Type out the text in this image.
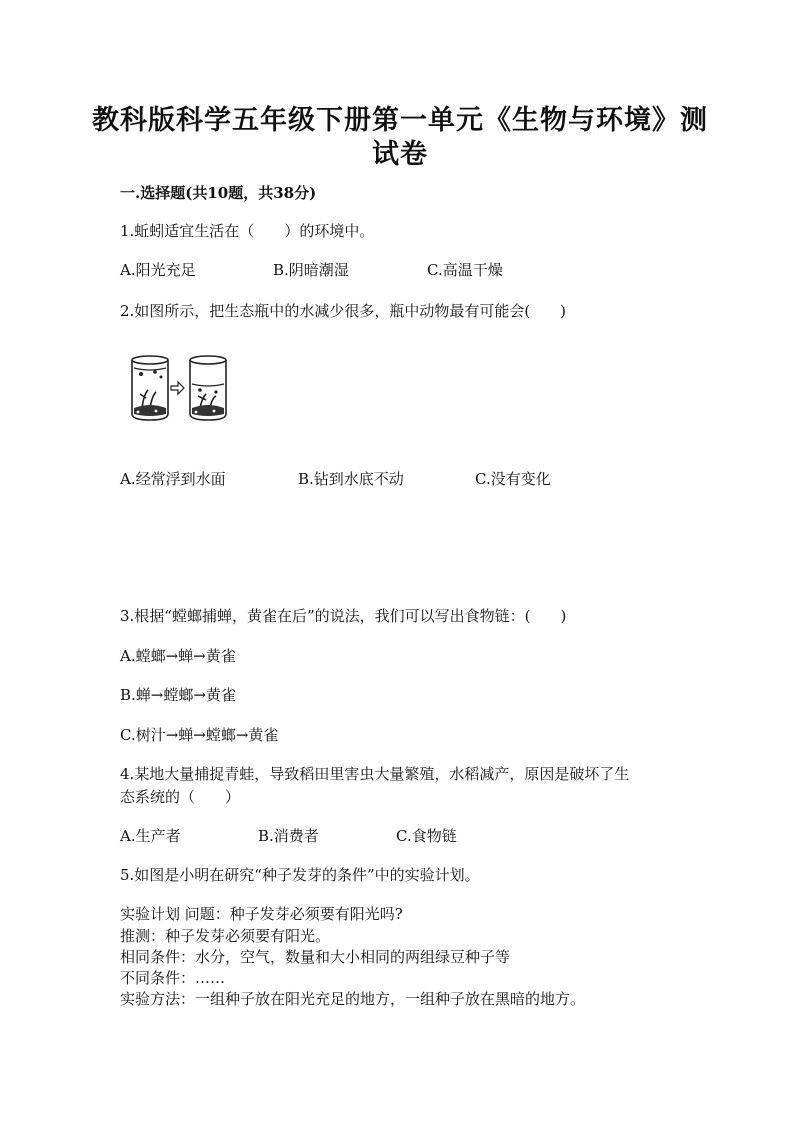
教科版科学五年级下册第一单元《生物与环境》测
试卷
一.选择题(共10题，共38分)
1.蚯蚓适宜生活在（　　）的环境中。
A.阳光充足	B.阴暗潮湿	C.高温干燥
2.如图所示，把生态瓶中的水减少很多，瓶中动物最有可能会(　　)
A.经常浮到水面	B.钻到水底不动	C.没有变化
3.根据“螳螂捕蝉，黄雀在后”的说法，我们可以写出食物链：(　　)
A.螳螂→蝉→黄雀
B.蝉→螳螂→黄雀
C.树汁→蝉→螳螂→黄雀
4.某地大量捕捉青蛙，导致稻田里害虫大量繁殖，水稻减产，原因是破坏了生
态系统的（　　）
A.生产者	B.消费者	C.食物链
5.如图是小明在研究“种子发芽的条件”中的实验计划。
实验计划 问题：种子发芽必须要有阳光吗?
推测：种子发芽必须要有阳光。
相同条件：水分，空气，数量和大小相同的两组绿豆种子等
不同条件：……
实验方法：一组种子放在阳光充足的地方，一组种子放在黑暗的地方。
